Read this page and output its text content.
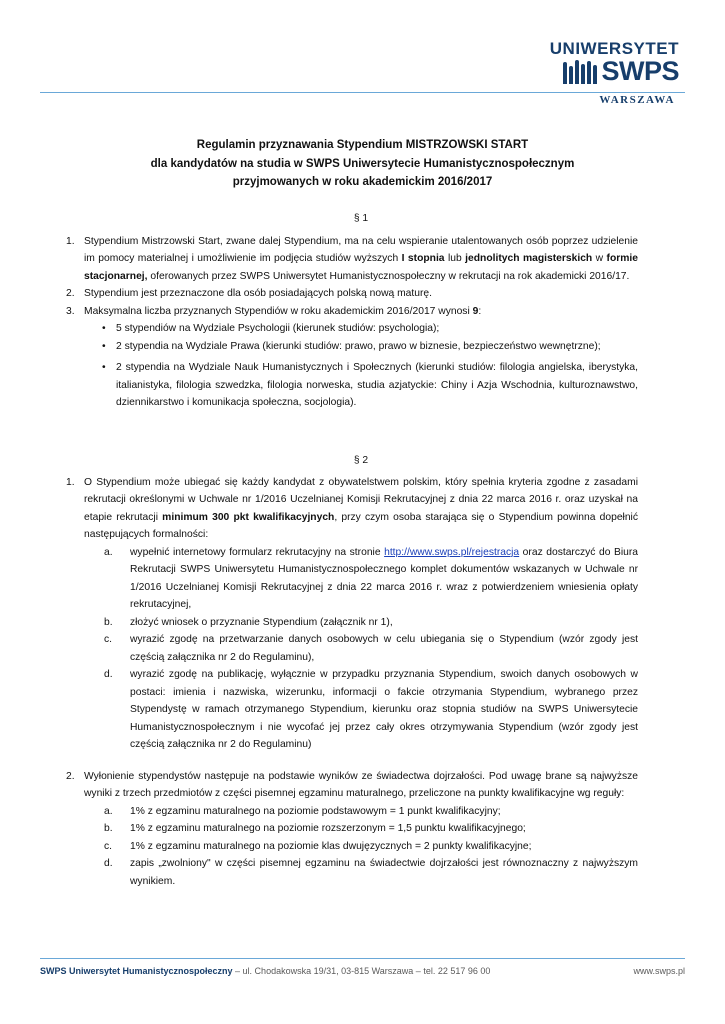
UNIWERSYTET
SWPS
WARSZAWA
Regulamin przyznawania Stypendium MISTRZOWSKI START
dla kandydatów na studia w SWPS Uniwersytecie Humanistycznospołecznym
przyjmowanych w roku akademickim 2016/2017
§ 1
1. Stypendium Mistrzowski Start, zwane dalej Stypendium, ma na celu wspieranie utalentowanych osób poprzez udzielenie im pomocy materialnej i umożliwienie im podjęcia studiów wyższych I stopnia lub jednolitych magisterskich w formie stacjonarnej, oferowanych przez SWPS Uniwersytet Humanistycznospołeczny w rekrutacji na rok akademicki 2016/17.
2. Stypendium jest przeznaczone dla osób posiadających polską nową maturę.
3. Maksymalna liczba przyznanych Stypendiów w roku akademickim 2016/2017 wynosi 9:
• 5 stypendiów na Wydziale Psychologii (kierunek studiów: psychologia);
• 2 stypendia na Wydziale Prawa (kierunki studiów: prawo, prawo w biznesie, bezpieczeństwo wewnętrzne);
• 2 stypendia na Wydziale Nauk Humanistycznych i Społecznych (kierunki studiów: filologia angielska, iberystyka, italianistyka, filologia szwedzka, filologia norweska, studia azjatyckie: Chiny i Azja Wschodnia, kulturoznawstwo, dziennikarstwo i komunikacja społeczna, socjologia).
§ 2
1. O Stypendium może ubiegać się każdy kandydat z obywatelstwem polskim, który spełnia kryteria zgodne z zasadami rekrutacji określonymi w Uchwale nr 1/2016 Uczelnianej Komisji Rekrutacyjnej z dnia 22 marca 2016 r. oraz uzyskał na etapie rekrutacji minimum 300 pkt kwalifikacyjnych, przy czym osoba starająca się o Stypendium powinna dopełnić następujących formalności:
a. wypełnić internetowy formularz rekrutacyjny na stronie http://www.swps.pl/rejestracja oraz dostarczyć do Biura Rekrutacji SWPS Uniwersytetu Humanistycznospołecznego komplet dokumentów wskazanych w Uchwale nr 1/2016 Uczelnianej Komisji Rekrutacyjnej z dnia 22 marca 2016 r. wraz z potwierdzeniem wniesienia opłaty rekrutacyjnej,
b. złożyć wniosek o przyznanie Stypendium (załącznik nr 1),
c. wyrazić zgodę na przetwarzanie danych osobowych w celu ubiegania się o Stypendium (wzór zgody jest częścią załącznika nr 2 do Regulaminu),
d. wyrazić zgodę na publikację, wyłącznie w przypadku przyznania Stypendium, swoich danych osobowych w postaci: imienia i nazwiska, wizerunku, informacji o fakcie otrzymania Stypendium, wybranego przez Stypendystę w ramach otrzymanego Stypendium, kierunku oraz stopnia studiów na SWPS Uniwersytecie Humanistycznospołecznym i nie wycofać jej przez cały okres otrzymywania Stypendium (wzór zgody jest częścią załącznika nr 2 do Regulaminu)
2. Wyłonienie stypendystów następuje na podstawie wyników ze świadectwa dojrzałości. Pod uwagę brane są najwyższe wyniki z trzech przedmiotów z części pisemnej egzaminu maturalnego, przeliczone na punkty kwalifikacyjne wg reguły:
a. 1% z egzaminu maturalnego na poziomie podstawowym = 1 punkt kwalifikacyjny;
b. 1% z egzaminu maturalnego na poziomie rozszerzonym = 1,5 punktu kwalifikacyjnego;
c. 1% z egzaminu maturalnego na poziomie klas dwujęzycznych = 2 punkty kwalifikacyjne;
d. zapis „zwolniony" w części pisemnej egzaminu na świadectwie dojrzałości jest równoznaczny z najwyższym wynikiem.
SWPS Uniwersytet Humanistycznospołeczny – ul. Chodakowska 19/31, 03-815 Warszawa – tel. 22 517 96 00	www.swps.pl
